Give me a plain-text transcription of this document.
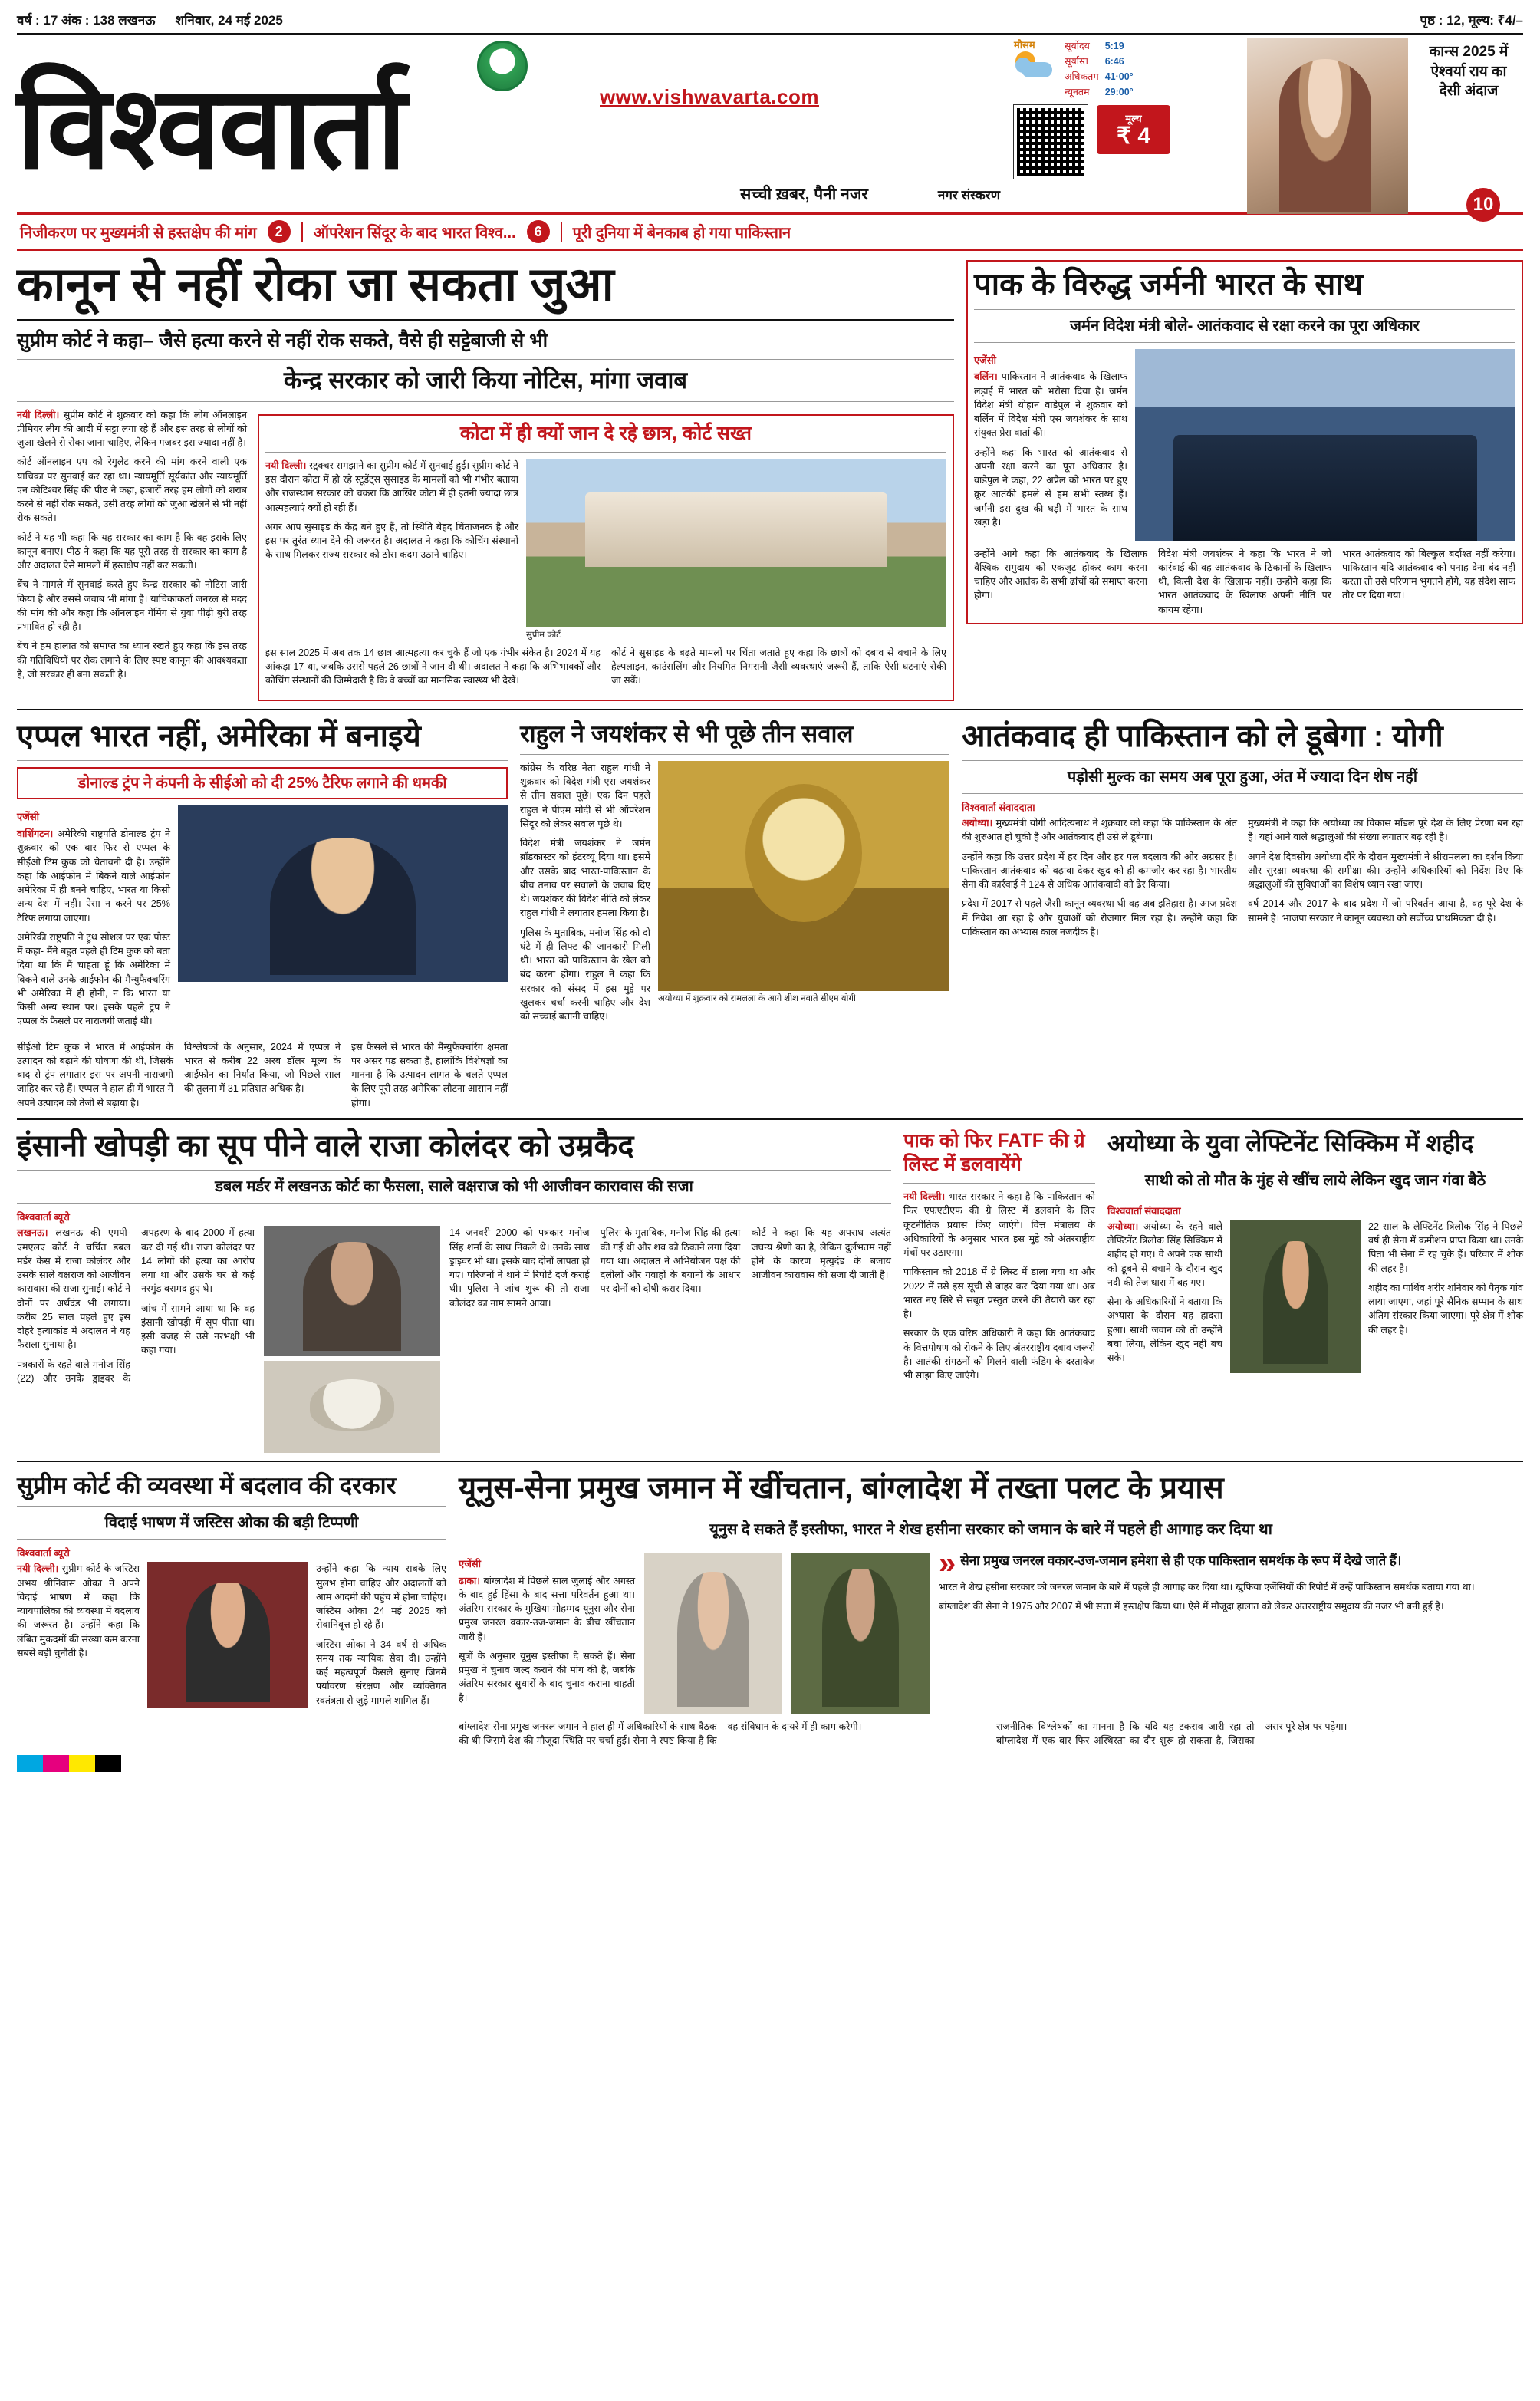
वर्ष : 17 अंक : 138 लखनऊ शनिवार, 24 मई 2025	पृष्ठ : 12, मूल्य: ₹4/–
V
www.vishwavarta.com
विश्ववार्ता
सच्ची ख़बर, पैनी नजर	नगर संस्करण
मौसम	सूर्योदय	5:19
सूर्यास्त	6:46
अधिकतम	41·00°
न्यूनतम	29:00°
मूल्य
₹ 4
कान्स 2025 में ऐश्वर्या राय का देसी अंदाज
10
निजीकरण पर मुख्यमंत्री से हस्तक्षेप की मांग	2	ऑपरेशन सिंदूर के बाद भारत विश्व...	6	पूरी दुनिया में बेनकाब हो गया पाकिस्तान
कानून से नहीं रोका जा सकता जुआ
सुप्रीम कोर्ट ने कहा– जैसे हत्या करने से नहीं रोक सकते, वैसे ही सट्टेबाजी से भी
केन्द्र सरकार को जारी किया नोटिस, मांगा जवाब

नयी दिल्ली। सुप्रीम कोर्ट ने शुक्रवार को कहा कि लोग ऑनलाइन प्रीमियर लीग की आदी में सट्टा लगा रहे हैं और इस तरह से लोगों को जुआ खेलने से रोका जाना चाहिए, लेकिन गजबर इस ज्यादा नहीं है।

कोर्ट ऑनलाइन एप को रेगुलेट करने की मांग करने वाली एक याचिका पर सुनवाई कर रहा था। न्यायमूर्ति सूर्यकांत और न्यायमूर्ति एन कोटिश्वर सिंह की पीठ ने कहा, हजारों तरह हम लोगों को शराब करने से नहीं रोक सकते, उसी तरह लोगों को जुआ खेलने से भी नहीं रोक सकते।

कोर्ट ने यह भी कहा कि यह सरकार का काम है कि वह इसके लिए कानून बनाए। पीठ ने कहा कि यह पूरी तरह से सरकार का काम है और अदालत ऐसे मामलों में हस्तक्षेप नहीं कर सकती।

बेंच ने मामले में सुनवाई करते हुए केन्द्र सरकार को नोटिस जारी किया है और उससे जवाब भी मांगा है। याचिकाकर्ता जनरल से मदद की मांग की और कहा कि ऑनलाइन गेमिंग से युवा पीढ़ी बुरी तरह प्रभावित हो रही है।

बेंच ने हम हालात को समाप्त का ध्यान रखते हुए कहा कि इस तरह की गतिविधियों पर रोक लगाने के लिए स्पष्ट कानून की आवश्यकता है, जो सरकार ही बना सकती है।

कोटा में ही क्यों जान दे रहे छात्र, कोर्ट सख्त

नयी दिल्ली। स्ट्रक्चर समझाने का सुप्रीम कोर्ट में सुनवाई हुई। सुप्रीम कोर्ट ने इस दौरान कोटा में हो रहे स्टूडेंट्स सुसाइड के मामलों को भी गंभीर बताया और राजस्थान सरकार को चकरा कि आखिर कोटा में ही इतनी ज्यादा छात्र आत्महत्याएं क्यों हो रही हैं।

अगर आप सुसाइड के केंद्र बने हुए हैं, तो स्थिति बेहद चिंताजनक है और इस पर तुरंत ध्यान देने की जरूरत है। अदालत ने कहा कि कोचिंग संस्थानों के साथ मिलकर राज्य सरकार को ठोस कदम उठाने चाहिए।

सुप्रीम कोर्ट

इस साल 2025 में अब तक 14 छात्र आत्महत्या कर चुके हैं जो एक गंभीर संकेत है। 2024 में यह आंकड़ा 17 था, जबकि उससे पहले 26 छात्रों ने जान दी थी। अदालत ने कहा कि अभिभावकों और कोचिंग संस्थानों की जिम्मेदारी है कि वे बच्चों का मानसिक स्वास्थ्य भी देखें।

कोर्ट ने सुसाइड के बढ़ते मामलों पर चिंता जताते हुए कहा कि छात्रों को दबाव से बचाने के लिए हेल्पलाइन, काउंसलिंग और नियमित निगरानी जैसी व्यवस्थाएं जरूरी हैं, ताकि ऐसी घटनाएं रोकी जा सकें।

पाक के विरुद्ध जर्मनी भारत के साथ
जर्मन विदेश मंत्री बोले- आतंकवाद से रक्षा करने का पूरा अधिकार
एजेंसी

बर्लिन। पाकिस्तान ने आतंकवाद के खिलाफ लड़ाई में भारत को भरोसा दिया है। जर्मन विदेश मंत्री योहान वाडेपुल ने शुक्रवार को बर्लिन में विदेश मंत्री एस जयशंकर के साथ संयुक्त प्रेस वार्ता की।

उन्होंने कहा कि भारत को आतंकवाद से अपनी रक्षा करने का पूरा अधिकार है। वाडेपुल ने कहा, 22 अप्रैल को भारत पर हुए क्रूर आतंकी हमले से हम सभी स्तब्ध हैं। जर्मनी इस दुख की घड़ी में भारत के साथ खड़ा है।

उन्होंने आगे कहा कि आतंकवाद के खिलाफ वैश्विक समुदाय को एकजुट होकर काम करना चाहिए और आतंक के सभी ढांचों को समाप्त करना होगा।

विदेश मंत्री जयशंकर ने कहा कि भारत ने जो कार्रवाई की वह आतंकवाद के ठिकानों के खिलाफ थी, किसी देश के खिलाफ नहीं। उन्होंने कहा कि भारत आतंकवाद के खिलाफ अपनी नीति पर कायम रहेगा।

भारत आतंकवाद को बिल्कुल बर्दाश्त नहीं करेगा। पाकिस्तान यदि आतंकवाद को पनाह देना बंद नहीं करता तो उसे परिणाम भुगतने होंगे, यह संदेश साफ तौर पर दिया गया।

एप्पल भारत नहीं, अमेरिका में बनाइये
डोनाल्ड ट्रंप ने कंपनी के सीईओ को दी 25% टैरिफ लगाने की धमकी
एजेंसी

वाशिंगटन। अमेरिकी राष्ट्रपति डोनाल्ड ट्रंप ने शुक्रवार को एक बार फिर से एप्पल के सीईओ टिम कुक को चेतावनी दी है। उन्होंने कहा कि आईफोन में बिकने वाले आईफोन अमेरिका में ही बनने चाहिए, भारत या किसी अन्य देश में नहीं। ऐसा न करने पर 25% टैरिफ लगाया जाएगा।

अमेरिकी राष्ट्रपति ने ट्रुथ सोशल पर एक पोस्ट में कहा- मैंने बहुत पहले ही टिम कुक को बता दिया था कि मैं चाहता हूं कि अमेरिका में बिकने वाले उनके आईफोन की मैन्युफैक्चरिंग भी अमेरिका में ही होनी, न कि भारत या किसी अन्य स्थान पर। इसके पहले ट्रंप ने एप्पल के फैसले पर नाराजगी जताई थी।

सीईओ टिम कुक ने भारत में आईफोन के उत्पादन को बढ़ाने की घोषणा की थी, जिसके बाद से ट्रंप लगातार इस पर अपनी नाराजगी जाहिर कर रहे हैं। एप्पल ने हाल ही में भारत में अपने उत्पादन को तेजी से बढ़ाया है।

विश्लेषकों के अनुसार, 2024 में एप्पल ने भारत से करीब 22 अरब डॉलर मूल्य के आईफोन का निर्यात किया, जो पिछले साल की तुलना में 31 प्रतिशत अधिक है।

इस फैसले से भारत की मैन्युफैक्चरिंग क्षमता पर असर पड़ सकता है, हालांकि विशेषज्ञों का मानना है कि उत्पादन लागत के चलते एप्पल के लिए पूरी तरह अमेरिका लौटना आसान नहीं होगा।

राहुल ने जयशंकर से भी पूछे तीन सवाल

कांग्रेस के वरिष्ठ नेता राहुल गांधी ने शुक्रवार को विदेश मंत्री एस जयशंकर से तीन सवाल पूछे। एक दिन पहले राहुल ने पीएम मोदी से भी ऑपरेशन सिंदूर को लेकर सवाल पूछे थे।

विदेश मंत्री जयशंकर ने जर्मन ब्रॉडकास्टर को इंटरव्यू दिया था। इसमें और उसके बाद भारत-पाकिस्तान के बीच तनाव पर सवालों के जवाब दिए थे। जयशंकर की विदेश नीति को लेकर राहुल गांधी ने लगातार हमला किया है।

पुलिस के मुताबिक, मनोज सिंह को दो घंटे में ही लिफ्ट की जानकारी मिली थी। भारत को पाकिस्तान के खेल को बंद करना होगा। राहुल ने कहा कि सरकार को संसद में इस मुद्दे पर खुलकर चर्चा करनी चाहिए और देश को सच्चाई बतानी चाहिए।

अयोध्या में शुक्रवार को रामलला के आगे शीश नवाते सीएम योगी
आतंकवाद ही पाकिस्तान को ले डूबेगा : योगी
पड़ोसी मुल्क का समय अब पूरा हुआ, अंत में ज्यादा दिन शेष नहीं
विश्ववार्ता संवाददाता

अयोध्या। मुख्यमंत्री योगी आदित्यनाथ ने शुक्रवार को कहा कि पाकिस्तान के अंत की शुरुआत हो चुकी है और आतंकवाद ही उसे ले डूबेगा।

उन्होंने कहा कि उत्तर प्रदेश में हर दिन और हर पल बदलाव की ओर अग्रसर है। पाकिस्तान आतंकवाद को बढ़ावा देकर खुद को ही कमजोर कर रहा है। भारतीय सेना की कार्रवाई ने 124 से अधिक आतंकवादी को ढेर किया।

प्रदेश में 2017 से पहले जैसी कानून व्यवस्था थी वह अब इतिहास है। आज प्रदेश में निवेश आ रहा है और युवाओं को रोजगार मिल रहा है। उन्होंने कहा कि पाकिस्तान का अभ्यास काल नजदीक है।

मुख्यमंत्री ने कहा कि अयोध्या का विकास मॉडल पूरे देश के लिए प्रेरणा बन रहा है। यहां आने वाले श्रद्धालुओं की संख्या लगातार बढ़ रही है।

अपने देश दिवसीय अयोध्या दौरे के दौरान मुख्यमंत्री ने श्रीरामलला का दर्शन किया और सुरक्षा व्यवस्था की समीक्षा की। उन्होंने अधिकारियों को निर्देश दिए कि श्रद्धालुओं की सुविधाओं का विशेष ध्यान रखा जाए।

वर्ष 2014 और 2017 के बाद प्रदेश में जो परिवर्तन आया है, वह पूरे देश के सामने है। भाजपा सरकार ने कानून व्यवस्था को सर्वोच्च प्राथमिकता दी है।

इंसानी खोपड़ी का सूप पीने वाले राजा कोलंदर को उम्रकैद
डबल मर्डर में लखनऊ कोर्ट का फैसला, साले वक्षराज को भी आजीवन कारावास की सजा
विश्ववार्ता ब्यूरो

लखनऊ। लखनऊ की एमपी-एमएलए कोर्ट ने चर्चित डबल मर्डर केस में राजा कोलंदर और उसके साले वक्षराज को आजीवन कारावास की सजा सुनाई। कोर्ट ने दोनों पर अर्थदंड भी लगाया। करीब 25 साल पहले हुए इस दोहरे हत्याकांड में अदालत ने यह फैसला सुनाया है।

पत्रकारों के रहते वाले मनोज सिंह (22) और उनके ड्राइवर के अपहरण के बाद 2000 में हत्या कर दी गई थी। राजा कोलंदर पर 14 लोगों की हत्या का आरोप लगा था और उसके घर से कई नरमुंड बरामद हुए थे।

जांच में सामने आया था कि वह इंसानी खोपड़ी में सूप पीता था। इसी वजह से उसे नरभक्षी भी कहा गया।

14 जनवरी 2000 को पत्रकार मनोज सिंह शर्मा के साथ निकले थे। उनके साथ ड्राइवर भी था। इसके बाद दोनों लापता हो गए। परिजनों ने थाने में रिपोर्ट दर्ज कराई थी। पुलिस ने जांच शुरू की तो राजा कोलंदर का नाम सामने आया।

पुलिस के मुताबिक, मनोज सिंह की हत्या की गई थी और शव को ठिकाने लगा दिया गया था। अदालत ने अभियोजन पक्ष की दलीलों और गवाहों के बयानों के आधार पर दोनों को दोषी करार दिया।

कोर्ट ने कहा कि यह अपराध अत्यंत जघन्य श्रेणी का है, लेकिन दुर्लभतम नहीं होने के कारण मृत्युदंड के बजाय आजीवन कारावास की सजा दी जाती है।

पाक को फिर FATF की ग्रे लिस्ट में डलवायेंगे

नयी दिल्ली। भारत सरकार ने कहा है कि पाकिस्तान को फिर एफएटीएफ की ग्रे लिस्ट में डलवाने के लिए कूटनीतिक प्रयास किए जाएंगे। वित्त मंत्रालय के अधिकारियों के अनुसार भारत इस मुद्दे को अंतरराष्ट्रीय मंचों पर उठाएगा।

पाकिस्तान को 2018 में ग्रे लिस्ट में डाला गया था और 2022 में उसे इस सूची से बाहर कर दिया गया था। अब भारत नए सिरे से सबूत प्रस्तुत करने की तैयारी कर रहा है।

सरकार के एक वरिष्ठ अधिकारी ने कहा कि आतंकवाद के वित्तपोषण को रोकने के लिए अंतरराष्ट्रीय दबाव जरूरी है। आतंकी संगठनों को मिलने वाली फंडिंग के दस्तावेज भी साझा किए जाएंगे।

अयोध्या के युवा लेफ्टिनेंट सिक्किम में शहीद
साथी को तो मौत के मुंह से खींच लाये लेकिन खुद जान गंवा बैठे
विश्ववार्ता संवाददाता

अयोध्या। अयोध्या के रहने वाले लेफ्टिनेंट त्रिलोक सिंह सिक्किम में शहीद हो गए। वे अपने एक साथी को डूबने से बचाने के दौरान खुद नदी की तेज धारा में बह गए।

सेना के अधिकारियों ने बताया कि अभ्यास के दौरान यह हादसा हुआ। साथी जवान को तो उन्होंने बचा लिया, लेकिन खुद नहीं बच सके।

22 साल के लेफ्टिनेंट त्रिलोक सिंह ने पिछले वर्ष ही सेना में कमीशन प्राप्त किया था। उनके पिता भी सेना में रह चुके हैं। परिवार में शोक की लहर है।

शहीद का पार्थिव शरीर शनिवार को पैतृक गांव लाया जाएगा, जहां पूरे सैनिक सम्मान के साथ अंतिम संस्कार किया जाएगा। पूरे क्षेत्र में शोक की लहर है।

सुप्रीम कोर्ट की व्यवस्था में बदलाव की दरकार
विदाई भाषण में जस्टिस ओका की बड़ी टिप्पणी
विश्ववार्ता ब्यूरो

नयी दिल्ली। सुप्रीम कोर्ट के जस्टिस अभय श्रीनिवास ओका ने अपने विदाई भाषण में कहा कि न्यायपालिका की व्यवस्था में बदलाव की जरूरत है। उन्होंने कहा कि लंबित मुकदमों की संख्या कम करना सबसे बड़ी चुनौती है।

उन्होंने कहा कि न्याय सबके लिए सुलभ होना चाहिए और अदालतों को आम आदमी की पहुंच में होना चाहिए। जस्टिस ओका 24 मई 2025 को सेवानिवृत्त हो रहे हैं।

जस्टिस ओका ने 34 वर्ष से अधिक समय तक न्यायिक सेवा दी। उन्होंने कई महत्वपूर्ण फैसले सुनाए जिनमें पर्यावरण संरक्षण और व्यक्तिगत स्वतंत्रता से जुड़े मामले शामिल हैं।

यूनुस-सेना प्रमुख जमान में खींचतान, बांग्लादेश में तख्ता पलट के प्रयास
यूनुस दे सकते हैं इस्तीफा, भारत ने शेख हसीना सरकार को जमान के बारे में पहले ही आगाह कर दिया था
एजेंसी

ढाका। बांग्लादेश में पिछले साल जुलाई और अगस्त के बाद हुई हिंसा के बाद सत्ता परिवर्तन हुआ था। अंतरिम सरकार के मुखिया मोहम्मद यूनुस और सेना प्रमुख जनरल वकार-उज-जमान के बीच खींचतान जारी है।

सूत्रों के अनुसार यूनुस इस्तीफा दे सकते हैं। सेना प्रमुख ने चुनाव जल्द कराने की मांग की है, जबकि अंतरिम सरकार सुधारों के बाद चुनाव कराना चाहती है।

» सेना प्रमुख जनरल वकार-उज-जमान हमेशा से ही एक पाकिस्तान समर्थक के रूप में देखे जाते हैं।

भारत ने शेख हसीना सरकार को जनरल जमान के बारे में पहले ही आगाह कर दिया था। खुफिया एजेंसियों की रिपोर्ट में उन्हें पाकिस्तान समर्थक बताया गया था।

बांग्लादेश की सेना ने 1975 और 2007 में भी सत्ता में हस्तक्षेप किया था। ऐसे में मौजूदा हालात को लेकर अंतरराष्ट्रीय समुदाय की नजर भी बनी हुई है।

बांग्लादेश सेना प्रमुख जनरल जमान ने हाल ही में अधिकारियों के साथ बैठक की थी जिसमें देश की मौजूदा स्थिति पर चर्चा हुई। सेना ने स्पष्ट किया है कि वह संविधान के दायरे में ही काम करेगी।	राजनीतिक विश्लेषकों का मानना है कि यदि यह टकराव जारी रहा तो बांग्लादेश में एक बार फिर अस्थिरता का दौर शुरू हो सकता है, जिसका असर पूरे क्षेत्र पर पड़ेगा।
